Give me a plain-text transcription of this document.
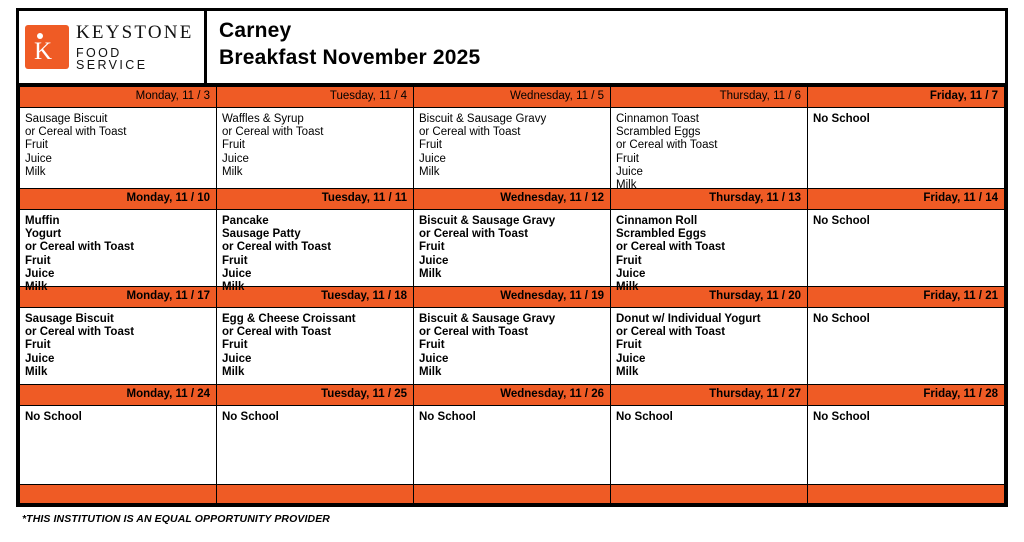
K
KEYSTONE
FOOD SERVICE
Carney
Breakfast November 2025
Monday, 11 / 3	Tuesday, 11 / 4	Wednesday, 11 / 5	Thursday, 11 / 6	Friday, 11 / 7

Sausage Biscuit
or Cereal with Toast
Fruit
Juice
Milk

Waffles & Syrup
or Cereal with Toast
Fruit
Juice
Milk

Biscuit & Sausage Gravy
or Cereal with Toast
Fruit
Juice
Milk

Cinnamon Toast
Scrambled Eggs
or Cereal with Toast
Fruit
Juice
Milk

No School

Monday, 11 / 10	Tuesday, 11 / 11	Wednesday, 11 / 12	Thursday, 11 / 13	Friday, 11 / 14

Muffin
Yogurt
or Cereal with Toast
Fruit
Juice
Milk

Pancake
Sausage Patty
or Cereal with Toast
Fruit
Juice
Milk

Biscuit & Sausage Gravy
or Cereal with Toast
Fruit
Juice
Milk

Cinnamon Roll
Scrambled Eggs
or Cereal with Toast
Fruit
Juice
Milk

No School

Monday, 11 / 17	Tuesday, 11 / 18	Wednesday, 11 / 19	Thursday, 11 / 20	Friday, 11 / 21

Sausage Biscuit
or Cereal with Toast
Fruit
Juice
Milk

Egg & Cheese Croissant
or Cereal with Toast
Fruit
Juice
Milk

Biscuit & Sausage Gravy
or Cereal with Toast
Fruit
Juice
Milk

Donut w/ Individual Yogurt
or Cereal with Toast
Fruit
Juice
Milk

No School

Monday, 11 / 24	Tuesday, 11 / 25	Wednesday, 11 / 26	Thursday, 11 / 27	Friday, 11 / 28

No School	No School	No School	No School	No School

*THIS INSTITUTION IS AN EQUAL OPPORTUNITY PROVIDER
